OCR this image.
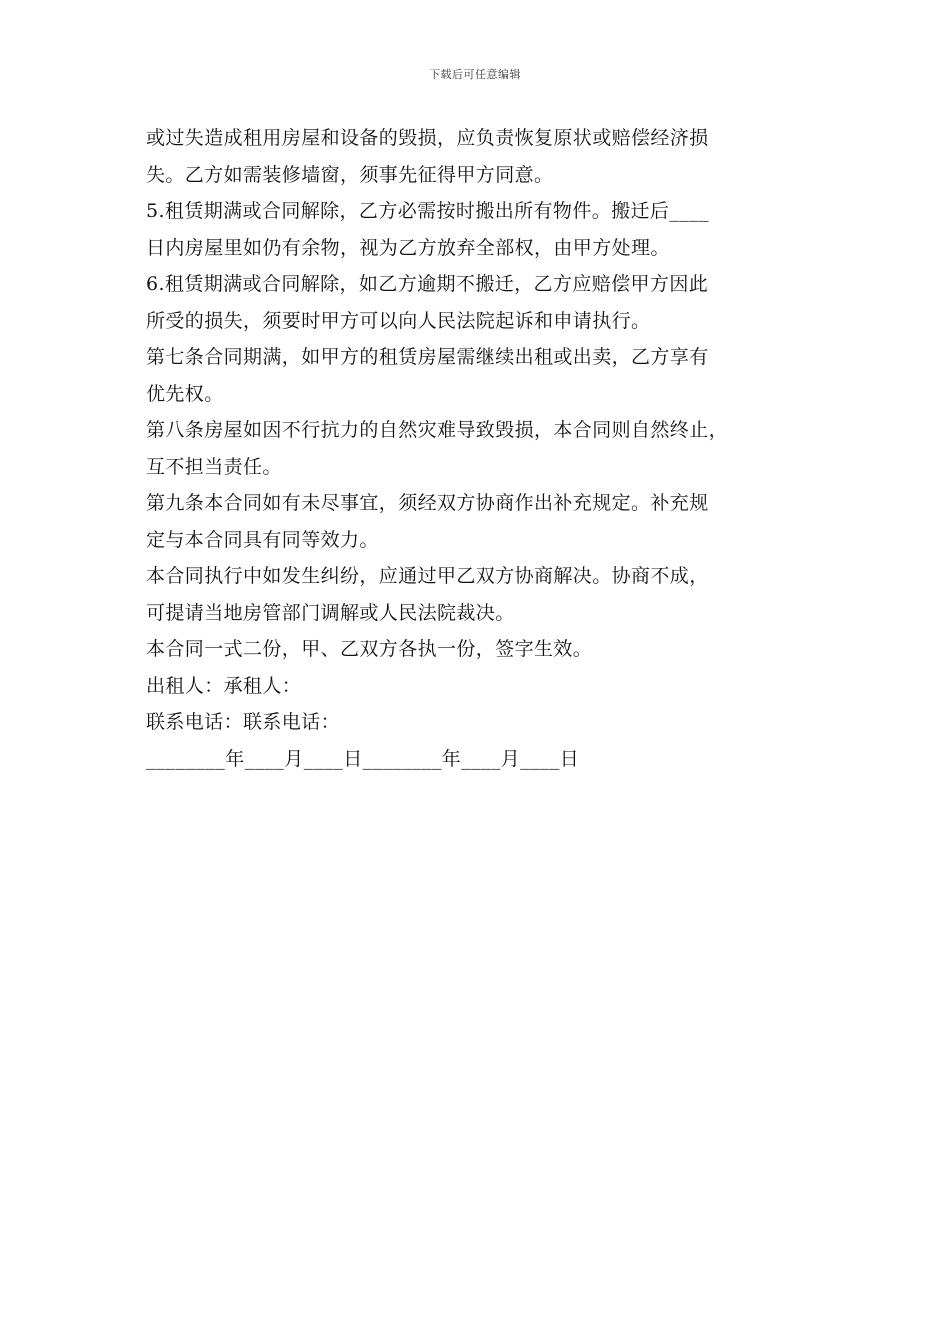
下载后可任意编辑
或过失造成租用房屋和设备的毁损，应负责恢复原状或赔偿经济损
失。乙方如需装修墙窗，须事先征得甲方同意。
5.租赁期满或合同解除，乙方必需按时搬出所有物件。搬迁后____
日内房屋里如仍有余物，视为乙方放弃全部权，由甲方处理。
6.租赁期满或合同解除，如乙方逾期不搬迁，乙方应赔偿甲方因此
所受的损失，须要时甲方可以向人民法院起诉和申请执行。
第七条合同期满，如甲方的租赁房屋需继续出租或出卖，乙方享有
优先权。
第八条房屋如因不行抗力的自然灾难导致毁损，本合同则自然终止，
互不担当责任。
第九条本合同如有未尽事宜，须经双方协商作出补充规定。补充规
定与本合同具有同等效力。
本合同执行中如发生纠纷，应通过甲乙双方协商解决。协商不成，
可提请当地房管部门调解或人民法院裁决。
本合同一式二份，甲、乙双方各执一份，签字生效。
出租人：承租人：
联系电话：联系电话：
________年____月____日________年____月____日
